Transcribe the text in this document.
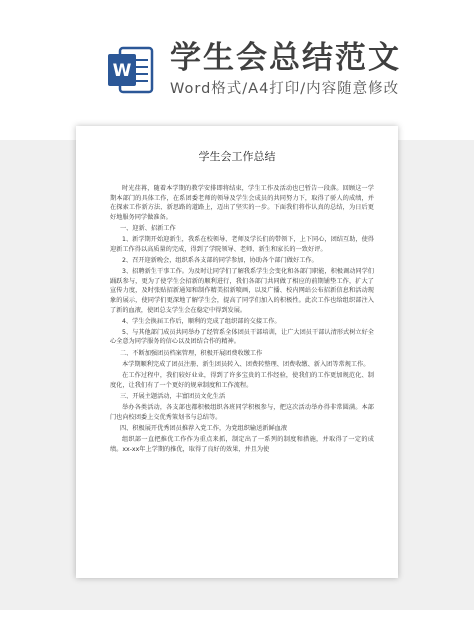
W 学生会总结范文
Word格式/A4打印/内容随意修改
学生会工作总结

时光荏苒，随着本学期的教学安排即将结束，学生工作及活动也已暂告一段落。回顾这一学期本部门的具体工作，在系团委老师的领导及学生会成员的共同努力下，取得了骄人的成绩，并在探索工作新方法、新思路的道路上，迈出了坚实的一步。下面我们将作认真的总结，为日后更好地服务同学做准备。

一、迎新、招新工作

1、新学期开始迎新生，我系在校领导、老师及学长们的带领下，上下同心，团结互助，使得迎新工作得以高质量的完成，得到了学院领导、老师、新生和家长的一致好评。

2、召开迎新晚会，组织系各支部的同学参加，协助各个部门做好工作。

3、招聘新生干事工作。为及时让同学们了解我系学生会变化和各部门职能，积极调动同学们踊跃参与，更为了使学生会招新的顺利进行，我们各部门共同做了相应的前期铺垫工作，扩大了宣传力度，及时张贴招新通知和制作精美招新喷画，以及广播、校内网站公布招新信息和活动现象的展示，使同学们更深地了解学生会，提高了同学们加入的积极性。此次工作也给组织部注入了新的血液，使团总支学生会在稳定中得到发展。

4、学生会换届工作后，顺利的完成了组织部的交接工作。

5、与其他部门成员共同举办了经管系全体团员干部培训，让广大团员干部认清形式树立好全心全意为同学服务的信心以及团结合作的精神。

二、不断加强团员档案管理，积极开展团费收缴工作

本学期顺利完成了团员注册、新生团员转入、团费转整理、团费收缴、新入团等常规工作。

在工作过程中，我们较好业业，得到了许多宝贵的工作经验，使我们的工作更加规范化、制度化，让我们有了一个更好的规章制度和工作流程。

三、开展主题活动，丰富团员文化生活

举办各类活动，各支部也都积极组织各班同学积极参与，把这次活动举办得非常圆满。本部门也向校团委上交优秀策划书与总结等。

四、积极展开优秀团员推荐入党工作，为党组织输送新鲜血液

组织部一直把推优工作作为重点来抓，制定出了一系列的制度和措施，并取得了一定的成绩。xx-xx年上学期的推优，取得了良好的效果，并且为使
